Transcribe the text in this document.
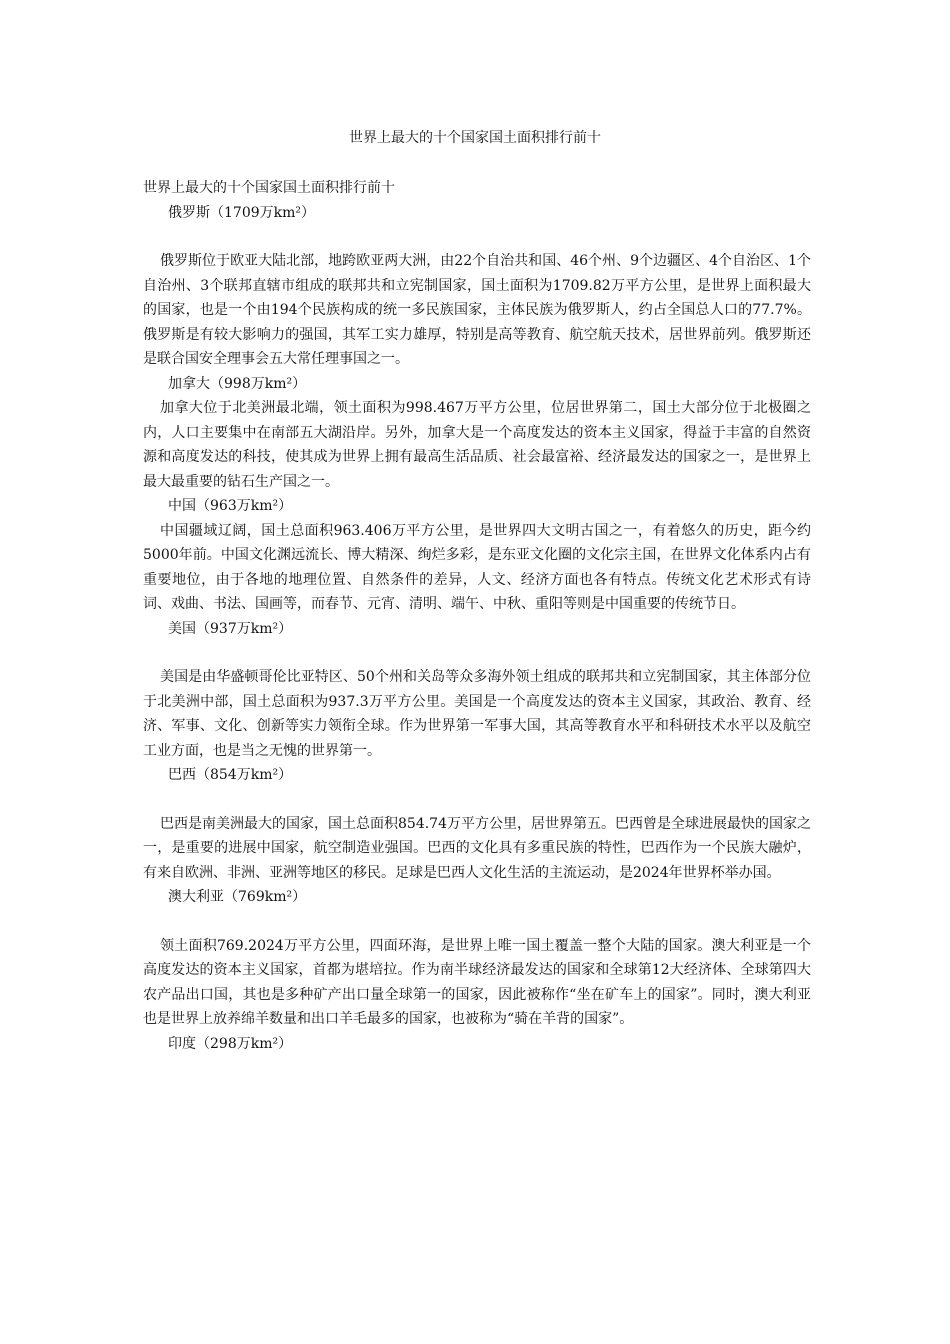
世界上最大的十个国家国土面积排行前十

世界上最大的十个国家国土面积排行前十

俄罗斯（1709万km²）

俄罗斯位于欧亚大陆北部，地跨欧亚两大洲，由22个自治共和国、46个州、9个边疆区、4个自治区、1个自治州、3个联邦直辖市组成的联邦共和立宪制国家，国土面积为1709.82万平方公里，是世界上面积最大的国家，也是一个由194个民族构成的统一多民族国家，主体民族为俄罗斯人，约占全国总人口的77.7%。俄罗斯是有较大影响力的强国，其军工实力雄厚，特别是高等教育、航空航天技术，居世界前列。俄罗斯还是联合国安全理事会五大常任理事国之一。

加拿大（998万km²）

加拿大位于北美洲最北端，领土面积为998.467万平方公里，位居世界第二，国土大部分位于北极圈之内，人口主要集中在南部五大湖沿岸。另外，加拿大是一个高度发达的资本主义国家，得益于丰富的自然资源和高度发达的科技，使其成为世界上拥有最高生活品质、社会最富裕、经济最发达的国家之一，是世界上最大最重要的钻石生产国之一。

中国（963万km²）

中国疆域辽阔，国土总面积963.406万平方公里，是世界四大文明古国之一，有着悠久的历史，距今约5000年前。中国文化渊远流长、博大精深、绚烂多彩，是东亚文化圈的文化宗主国，在世界文化体系内占有重要地位，由于各地的地理位置、自然条件的差异，人文、经济方面也各有特点。传统文化艺术形式有诗词、戏曲、书法、国画等，而春节、元宵、清明、端午、中秋、重阳等则是中国重要的传统节日。

美国（937万km²）

美国是由华盛顿哥伦比亚特区、50个州和关岛等众多海外领土组成的联邦共和立宪制国家，其主体部分位于北美洲中部，国土总面积为937.3万平方公里。美国是一个高度发达的资本主义国家，其政治、教育、经济、军事、文化、创新等实力领衔全球。作为世界第一军事大国，其高等教育水平和科研技术水平以及航空工业方面，也是当之无愧的世界第一。

巴西（854万km²）

巴西是南美洲最大的国家，国土总面积854.74万平方公里，居世界第五。巴西曾是全球进展最快的国家之一，是重要的进展中国家，航空制造业强国。巴西的文化具有多重民族的特性，巴西作为一个民族大融炉，有来自欧洲、非洲、亚洲等地区的移民。足球是巴西人文化生活的主流运动，是2024年世界杯举办国。

澳大利亚（769km²）

领土面积769.2024万平方公里，四面环海，是世界上唯一国土覆盖一整个大陆的国家。澳大利亚是一个高度发达的资本主义国家，首都为堪培拉。作为南半球经济最发达的国家和全球第12大经济体、全球第四大农产品出口国，其也是多种矿产出口量全球第一的国家，因此被称作“坐在矿车上的国家”。同时，澳大利亚也是世界上放养绵羊数量和出口羊毛最多的国家，也被称为“骑在羊背的国家”。

印度（298万km²）
